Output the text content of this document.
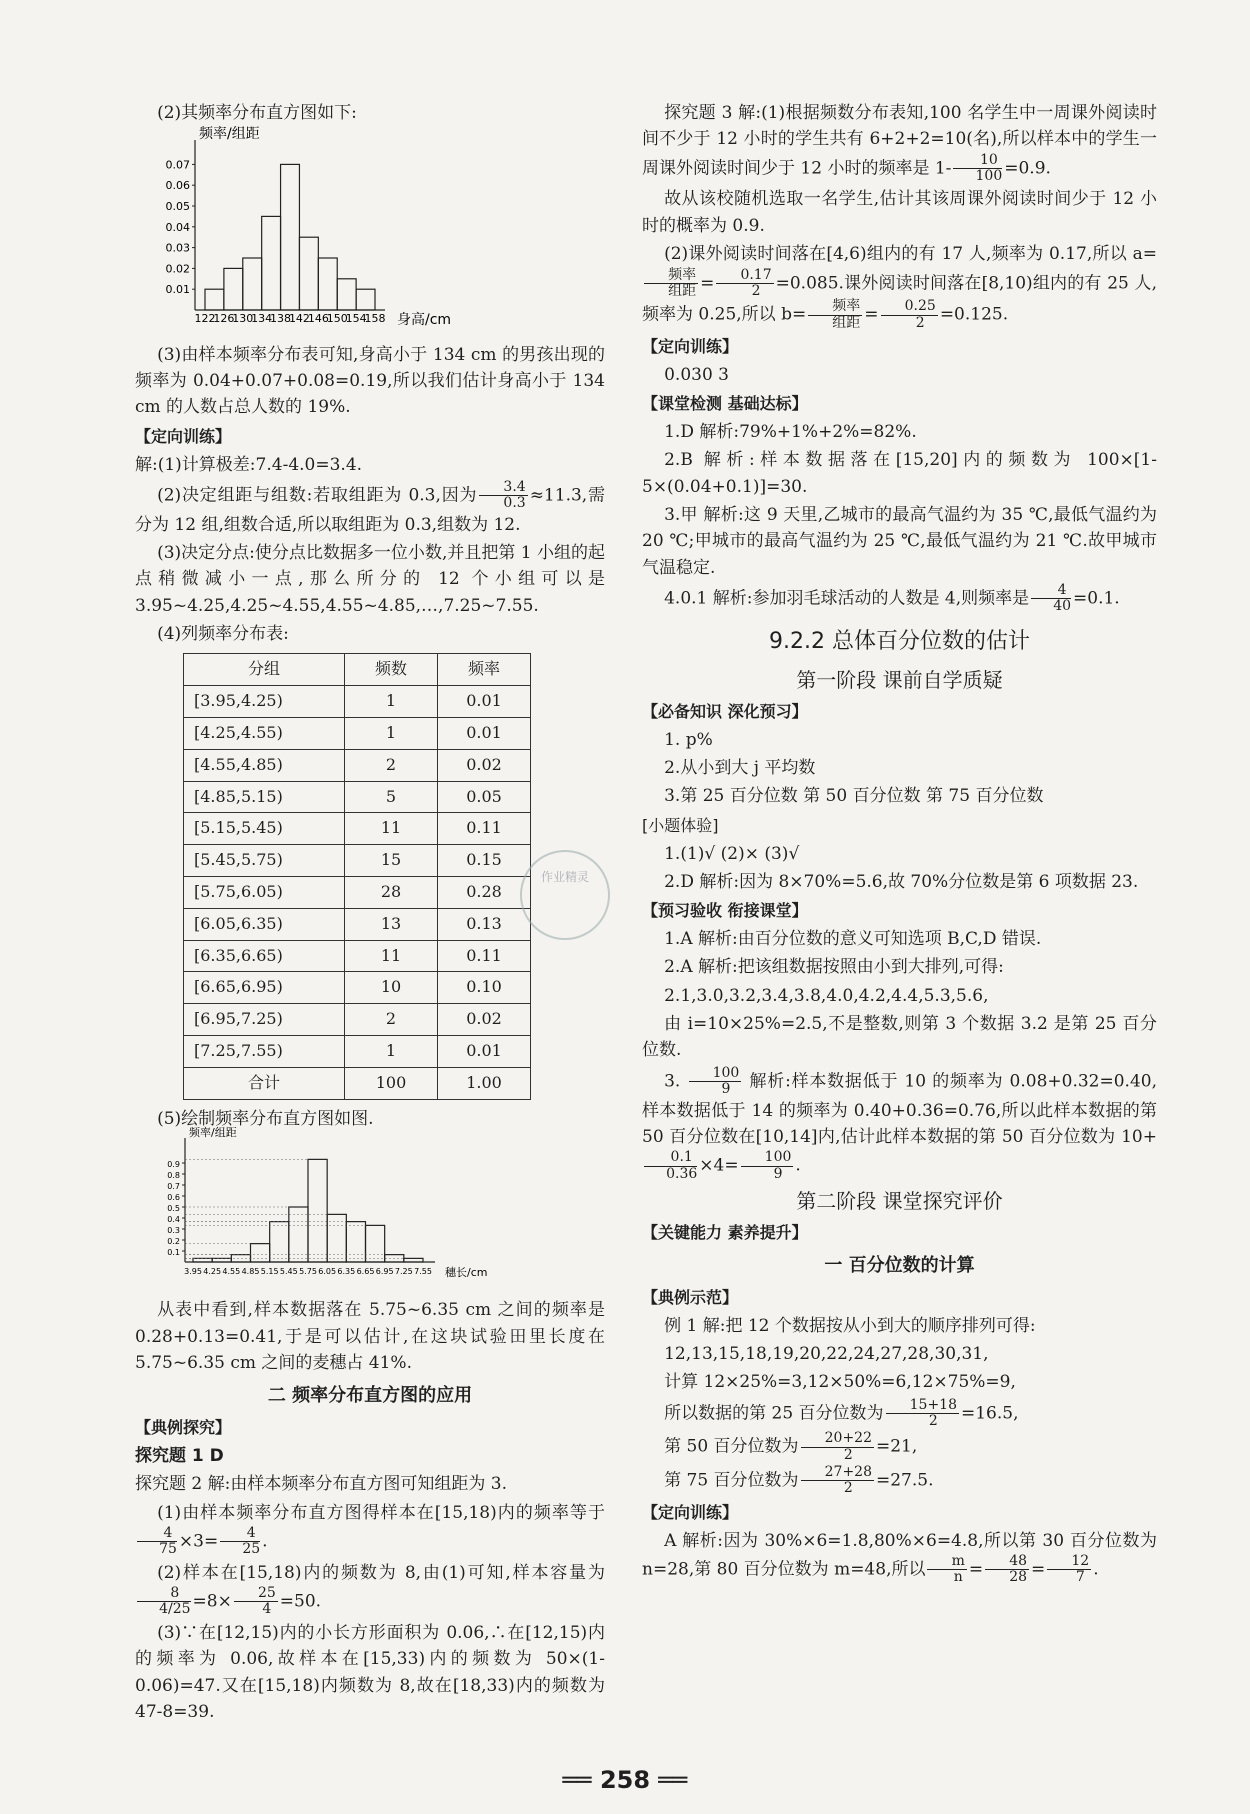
(2)其频率分布直方图如下:

频率/组距
0.01
0.02
0.03
0.04
0.05
0.06
0.07
122
126
130
134
138
142
146
150
154
158 身高/cm

(3)由样本频率分布表可知,身高小于 134 cm 的男孩出现的频率为 0.04+0.07+0.08=0.19,所以我们估计身高小于 134 cm 的人数占总人数的 19%.

【定向训练】

解:(1)计算极差:7.4-4.0=3.4.

(2)决定组距与组数:若取组距为 0.3,因为 $\frac{3.4}{0.3} \approx 11.3$,需分为 12 组,组数合适,所以取组距为 0.3,组数为 12.

(3)决定分点:使分点比数据多一位小数,并且把第 1 小组的起点稍微减小一点,那么所分的 12 个小组可以是 3.95~4.25,4.25~4.55,4.55~4.85,…,7.25~7.55.

(4)列频率分布表:

分组	频数	频率
[3.95,4.25)	1	0.01
[4.25,4.55)	1	0.01
[4.55,4.85)	2	0.02
[4.85,5.15)	5	0.05
[5.15,5.45)	11	0.11
[5.45,5.75)	15	0.15
[5.75,6.05)	28	0.28
[6.05,6.35)	13	0.13
[6.35,6.65)	11	0.11
[6.65,6.95)	10	0.10
[6.95,7.25)	2	0.02
[7.25,7.55)	1	0.01
合计	100	1.00

(5)绘制频率分布直方图如图.

频率/组距
0.1
0.2
0.3
0.4
0.5
0.6
0.7
0.8
0.9
3.95 4.25 4.55 4.85 5.15 5.45 5.75 6.05 6.35 6.65 6.95 7.25 7.55 穗长/cm

从表中看到,样本数据落在 5.75~6.35 cm 之间的频率是 0.28+0.13=0.41,于是可以估计,在这块试验田里长度在 5.75~6.35 cm 之间的麦穗占 41%.

二 频率分布直方图的应用
【典例探究】

探究题 1 D

探究题 2 解:由样本频率分布直方图可知组距为 3.

(1)由样本频率分布直方图得样本在[15,18)内的频率等于
$\frac{4}{75} \times 3= \frac{4}{25}$ .

(2)样本在[15,18)内的频数为 8,由(1)可知,样本容量为
$\frac{8}{4/25} =8\times \frac{25}{4} =50$.

(3)∵在[12,15)内的小长方形面积为 0.06,∴在[12,15)内的频率为 0.06,故样本在[15,33)内的频数为 50×(1-0.06)=47.又在[15,18)内频数为 8,故在[18,33)内的频数为 47-8=39.

探究题 3 解:(1)根据频数分布表知,100 名学生中一周课外阅读时间不少于 12 小时的学生共有 6+2+2=10(名),所以样本中的学生一周课外阅读时间少于 12 小时的频率是 $1- \frac{10}{100} =0.9$.

故从该校随机选取一名学生,估计其该周课外阅读时间少于 12 小时的概率为 0.9.

(2)课外阅读时间落在[4,6)组内的有 17 人,频率为 0.17,所以 a=
$\frac{\text{频率}}{\text{组距}} = \frac{0.17}{2} =0.085$.课外阅读时间落在[8,10)组内的有 25 人,频率为 0.25,所以 $b= \frac{\text{频率}}{\text{组距}} = \frac{0.25}{2} =0.125$.

【定向训练】

0.030 3

【课堂检测 基础达标】

1.D 解析:79%+1%+2%=82%.

2.B 解析:样本数据落在[15,20]内的频数为 100×[1-5×(0.04+0.1)]=30.

3.甲 解析:这 9 天里,乙城市的最高气温约为 35 ℃,最低气温约为 20 ℃;甲城市的最高气温约为 25 ℃,最低气温约为 21 ℃.故甲城市气温稳定.

4.0.1 解析:参加羽毛球活动的人数是 4,则频率是 $\frac{4}{40} =0.1$.

9.2.2 总体百分位数的估计
第一阶段 课前自学质疑
【必备知识 深化预习】

1. p%

2.从小到大 j 平均数

3.第 25 百分位数 第 50 百分位数 第 75 百分位数

[小题体验]

1.(1)√ (2)× (3)√

2.D 解析:因为 8×70%=5.6,故 70%分位数是第 6 项数据 23.

【预习验收 衔接课堂】

1.A 解析:由百分位数的意义可知选项 B,C,D 错误.

2.A 解析:把该组数据按照由小到大排列,可得:

2.1,3.0,3.2,3.4,3.8,4.0,4.2,4.4,5.3,5.6,

由 i=10×25%=2.5,不是整数,则第 3 个数据 3.2 是第 25 百分位数.

3. $\frac{100}{9}$ 解析:样本数据低于 10 的频率为 0.08+0.32=0.40,样本数据低于 14 的频率为 0.40+0.36=0.76,所以此样本数据的第 50 百分位数在[10,14]内,估计此样本数据的第 50 百分位数为 10+
$\frac{0.1}{0.36} \times 4= \frac{100}{9}$ .

第二阶段 课堂探究评价
【关键能力 素养提升】
一 百分位数的计算
【典例示范】

例 1 解:把 12 个数据按从小到大的顺序排列可得:

12,13,15,18,19,20,22,24,27,28,30,31,

计算 12×25%=3,12×50%=6,12×75%=9,

所以数据的第 25 百分位数为 $\frac{15+18}{2} =16.5$,

第 50 百分位数为 $\frac{20+22}{2} =21$,

第 75 百分位数为 $\frac{27+28}{2} =27.5$.

【定向训练】

A 解析:因为 30%×6=1.8,80%×6=4.8,所以第 30 百分位数为 n=28,第 80 百分位数为 m=48,所以 $\frac{m}{n} = \frac{48}{28} = \frac{12}{7}$ .

作业精灵
══ 258 ══
